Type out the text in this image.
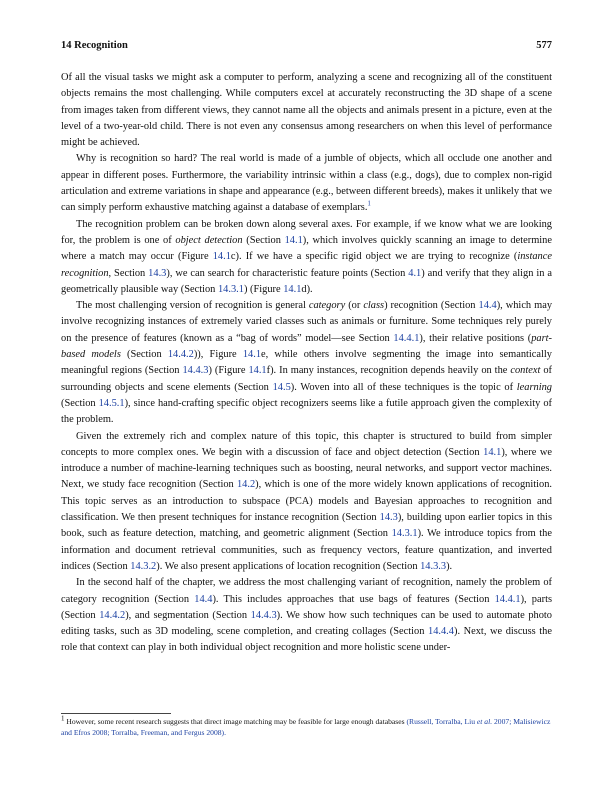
14 Recognition	577

Of all the visual tasks we might ask a computer to perform, analyzing a scene and recognizing all of the constituent objects remains the most challenging. While computers excel at accurately reconstructing the 3D shape of a scene from images taken from different views, they cannot name all the objects and animals present in a picture, even at the level of a two-year-old child. There is not even any consensus among researchers on when this level of performance might be achieved.

Why is recognition so hard? The real world is made of a jumble of objects, which all occlude one another and appear in different poses. Furthermore, the variability intrinsic within a class (e.g., dogs), due to complex non-rigid articulation and extreme variations in shape and appearance (e.g., between different breeds), makes it unlikely that we can simply perform exhaustive matching against a database of exemplars.$^1$

The recognition problem can be broken down along several axes. For example, if we know what we are looking for, the problem is one of object detection (Section 14.1), which involves quickly scanning an image to determine where a match may occur (Figure 14.1c). If we have a specific rigid object we are trying to recognize (instance recognition, Section 14.3), we can search for characteristic feature points (Section 4.1) and verify that they align in a geometrically plausible way (Section 14.3.1) (Figure 14.1d).

The most challenging version of recognition is general category (or class) recognition (Section 14.4), which may involve recognizing instances of extremely varied classes such as animals or furniture. Some techniques rely purely on the presence of features (known as a “bag of words” model—see Section 14.4.1), their relative positions (part-based models (Section 14.4.2)), Figure 14.1e, while others involve segmenting the image into semantically meaningful regions (Section 14.4.3) (Figure 14.1f). In many instances, recognition depends heavily on the context of surrounding objects and scene elements (Section 14.5). Woven into all of these techniques is the topic of learning (Section 14.5.1), since hand-crafting specific object recognizers seems like a futile approach given the complexity of the problem.

Given the extremely rich and complex nature of this topic, this chapter is structured to build from simpler concepts to more complex ones. We begin with a discussion of face and object detection (Section 14.1), where we introduce a number of machine-learning techniques such as boosting, neural networks, and support vector machines. Next, we study face recognition (Section 14.2), which is one of the more widely known applications of recognition. This topic serves as an introduction to subspace (PCA) models and Bayesian approaches to recognition and classification. We then present techniques for instance recognition (Section 14.3), building upon earlier topics in this book, such as feature detection, matching, and geometric alignment (Section 14.3.1). We introduce topics from the information and document retrieval communities, such as frequency vectors, feature quantization, and inverted indices (Section 14.3.2). We also present applications of location recognition (Section 14.3.3).

In the second half of the chapter, we address the most challenging variant of recognition, namely the problem of category recognition (Section 14.4). This includes approaches that use bags of features (Section 14.4.1), parts (Section 14.4.2), and segmentation (Section 14.4.3). We show how such techniques can be used to automate photo editing tasks, such as 3D modeling, scene completion, and creating collages (Section 14.4.4). Next, we discuss the role that context can play in both individual object recognition and more holistic scene under-

$^1$ However, some recent research suggests that direct image matching may be feasible for large enough databases (Russell, Torralba, Liu et al. 2007; Malisiewicz and Efros 2008; Torralba, Freeman, and Fergus 2008).
